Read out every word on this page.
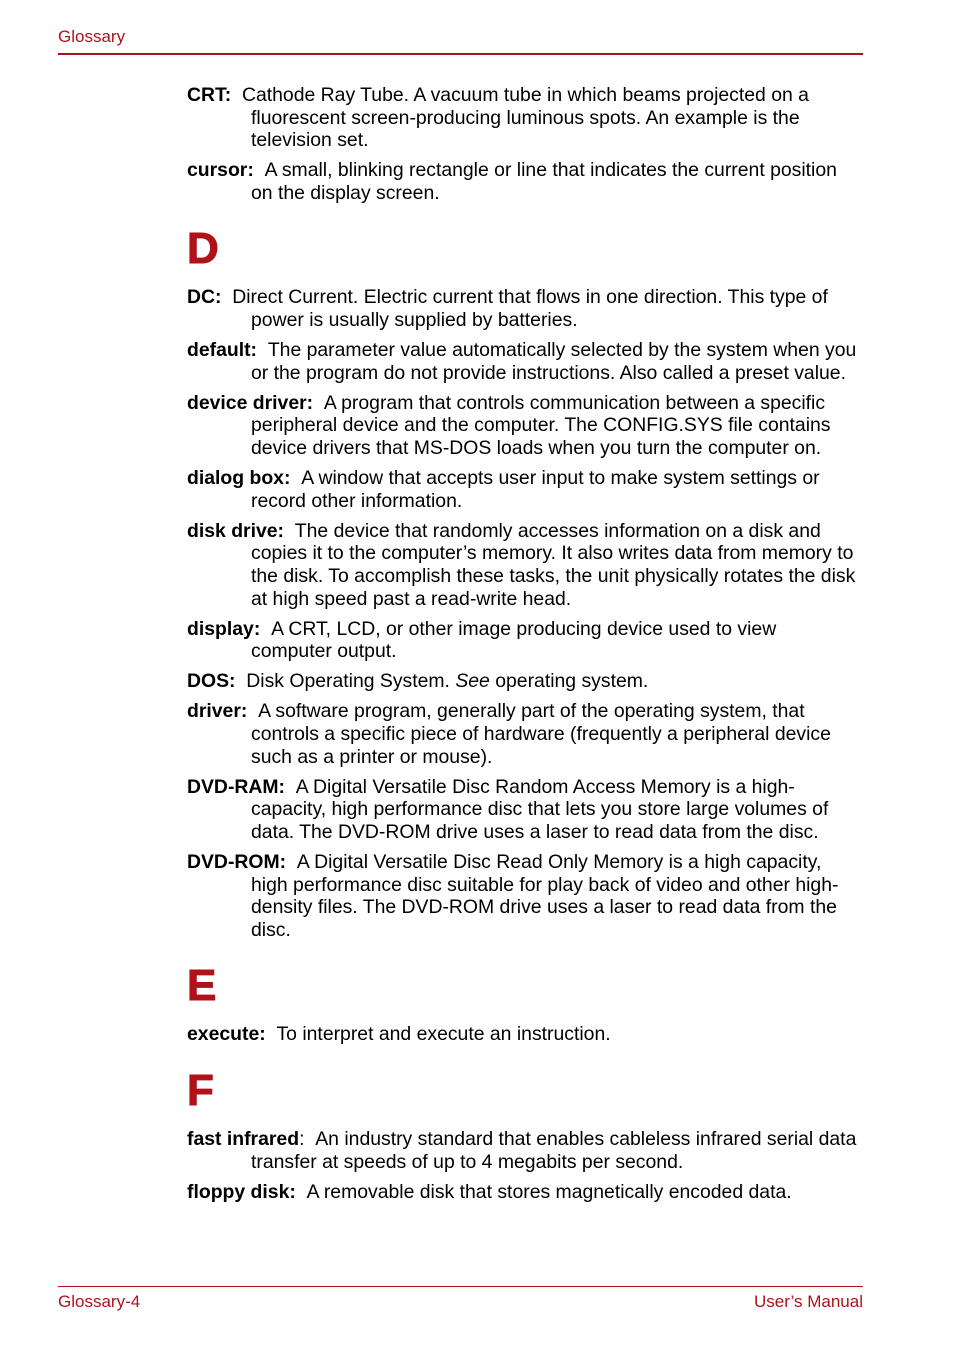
Glossary
CRT: Cathode Ray Tube. A vacuum tube in which beams projected on a fluorescent screen-producing luminous spots. An example is the television set.
cursor: A small, blinking rectangle or line that indicates the current position on the display screen.
D
DC: Direct Current. Electric current that flows in one direction. This type of power is usually supplied by batteries.
default: The parameter value automatically selected by the system when you or the program do not provide instructions. Also called a preset value.
device driver: A program that controls communication between a specific peripheral device and the computer. The CONFIG.SYS file contains device drivers that MS-DOS loads when you turn the computer on.
dialog box: A window that accepts user input to make system settings or record other information.
disk drive: The device that randomly accesses information on a disk and copies it to the computer’s memory. It also writes data from memory to the disk. To accomplish these tasks, the unit physically rotates the disk at high speed past a read-write head.
display: A CRT, LCD, or other image producing device used to view computer output.
DOS: Disk Operating System. See operating system.
driver: A software program, generally part of the operating system, that controls a specific piece of hardware (frequently a peripheral device such as a printer or mouse).
DVD-RAM: A Digital Versatile Disc Random Access Memory is a high-capacity, high performance disc that lets you store large volumes of data. The DVD-ROM drive uses a laser to read data from the disc.
DVD-ROM: A Digital Versatile Disc Read Only Memory is a high capacity, high performance disc suitable for play back of video and other high-density files. The DVD-ROM drive uses a laser to read data from the disc.
E
execute: To interpret and execute an instruction.
F
fast infrared: An industry standard that enables cableless infrared serial data transfer at speeds of up to 4 megabits per second.
floppy disk: A removable disk that stores magnetically encoded data.
Glossary-4	User’s Manual
